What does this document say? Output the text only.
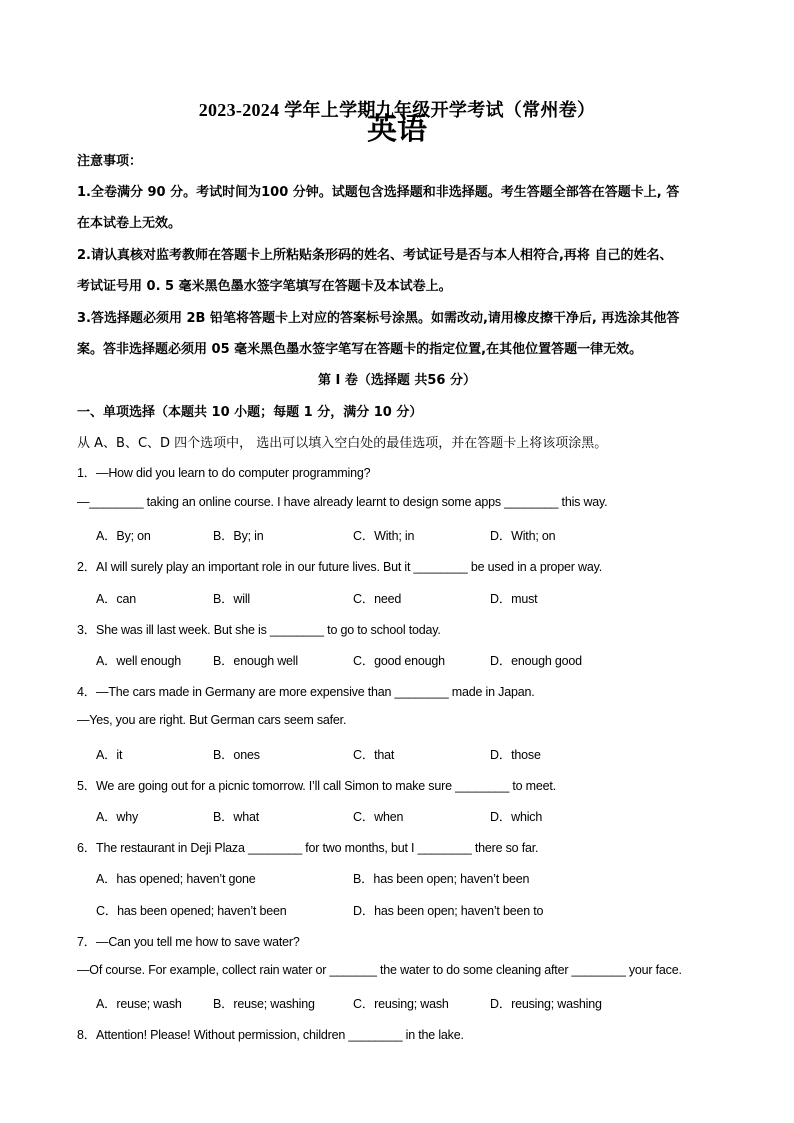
2023-2024 学年上学期九年级开学考试（常州卷）
英语
注意事项：
1.全卷满分 90 分。考试时间为100 分钟。试题包含选择题和非选择题。考生答题全部答在答题卡上, 答
在本试卷上无效。
2.请认真核对监考教师在答题卡上所粘贴条形码的姓名、考试证号是否与本人相符合,再将 自己的姓名、
考试证号用 0. 5 毫米黑色墨水签字笔填写在答题卡及本试卷上。
3.答选择题必须用 2B 铅笔将答题卡上对应的答案标号涂黑。如需改动,请用橡皮擦干净后, 再选涂其他答
案。答非选择题必须用 05 毫米黑色墨水签字笔写在答题卡的指定位置,在其他位置答题一律无效。
第 I 卷（选择题 共56 分）
一、单项选择（本题共 10 小题；每题 1 分，满分 10 分）
从 A、B、C、D 四个选项中， 选出可以填入空白处的最佳选项，并在答题卡上将该项涂黑。
1．—How did you learn to do computer programming?
—________ taking an online course. I have already learnt to design some apps ________ this way.
A．By; on	B．By; in	C．With; in	D．With; on
2．AI will surely play an important role in our future lives. But it ________ be used in a proper way.
A．can	B．will	C．need	D．must
3．She was ill last week. But she is ________ to go to school today.
A．well enough	B．enough well	C．good enough	D．enough good
4．—The cars made in Germany are more expensive than ________ made in Japan.
—Yes, you are right. But German cars seem safer.
A．it	B．ones	C．that	D．those
5．We are going out for a picnic tomorrow. I’ll call Simon to make sure ________ to meet.
A．why	B．what	C．when	D．which
6．The restaurant in Deji Plaza ________ for two months, but I ________ there so far.
A．has opened; haven’t gone	B．has been open; haven’t been
C．has been opened; haven’t been	D．has been open; haven’t been to
7．—Can you tell me how to save water?
—Of course. For example, collect rain water or _______ the water to do some cleaning after ________ your face.
A．reuse; wash	B．reuse; washing	C．reusing; wash	D．reusing; washing
8．Attention! Please! Without permission, children ________ in the lake.
